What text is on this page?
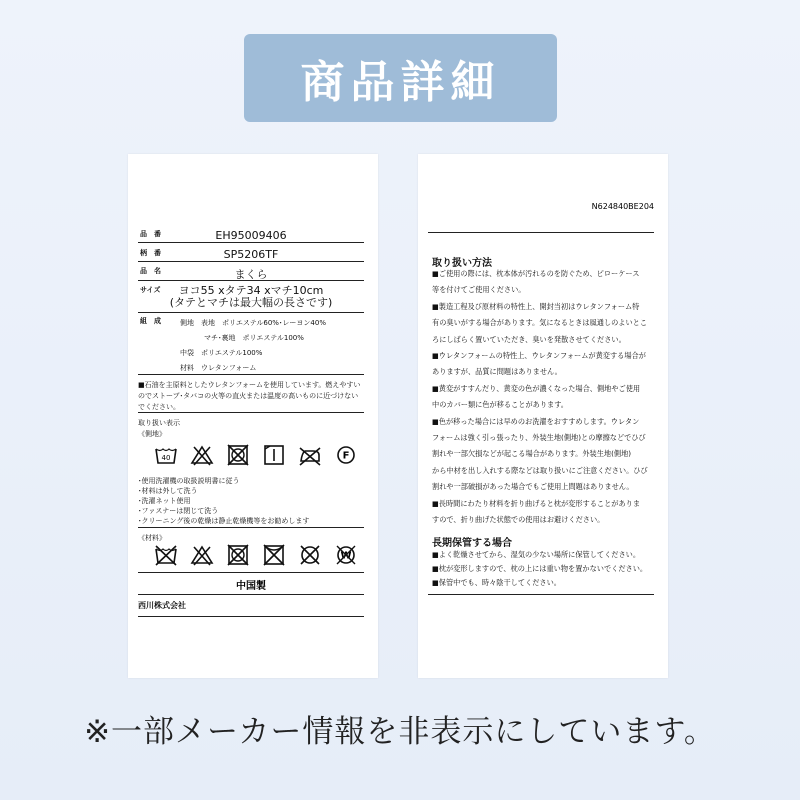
商品詳細
品　番	EH95009406
柄　番	SP5206TF
品　名	まくら
サイズ	ヨコ55 xタテ34 xマチ10cm
(タテとマチは最大幅の長さです)
組　成	側地　表地　ポリエステル60%･レーヨン40%
マチ･裏地　ポリエステル100%
中袋　ポリエステル100%
材料　ウレタンフォーム
■石油を主原料としたウレタンフォームを使用しています。燃えやすいのでストーブ･タバコの火等の直火または温度の高いものに近づけないでください。
取り扱い表示
《側地》
40	F
･使用洗濯機の取扱説明書に従う
･材料は外して洗う
･洗濯ネット使用
･ファスナーは閉じて洗う
･クリーニング後の乾燥は静止乾燥機等をお勧めします
《材料》
W
中国製
西川株式会社
N624840BE204
取り扱い方法
■ご使用の際には、枕本体が汚れるのを防ぐため、ピローケース
等を付けてご使用ください。
■製造工程及び原材料の特性上、開封当初はウレタンフォーム特
有の臭いがする場合があります。気になるときは風通しのよいとこ
ろにしばらく置いていただき、臭いを発散させてください。
■ウレタンフォームの特性上、ウレタンフォームが黄変する場合が
ありますが、品質に問題はありません。
■黄変がすすんだり、黄変の色が濃くなった場合、側地やご使用
中のカバー類に色が移ることがあります。
■色が移った場合には早めのお洗濯をおすすめします。ウレタン
フォームは強く引っ張ったり、外装生地(側地)との摩擦などでひび
割れや一部欠損などが起こる場合があります。外装生地(側地)
から中材を出し入れする際などは取り扱いにご注意ください。ひび
割れや一部破損があった場合でもご使用上問題はありません。
■長時間にわたり材料を折り曲げると枕が変形することがありま
すので、折り曲げた状態での使用はお避けください。
長期保管する場合
■よく乾燥させてから、湿気の少ない場所に保管してください。
■枕が変形しますので、枕の上には重い物を置かないでください。
■保管中でも、時々陰干してください。
※一部メーカー情報を非表示にしています。
